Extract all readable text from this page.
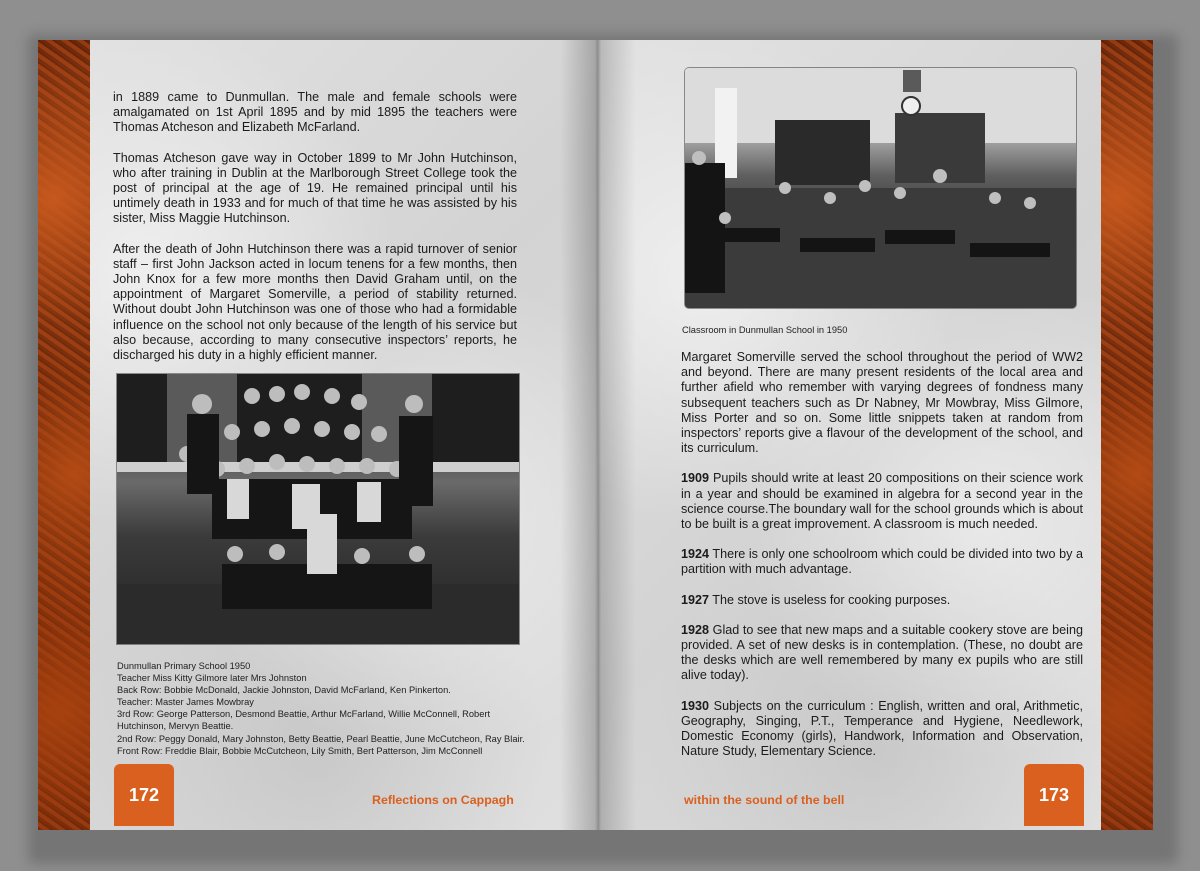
in 1889 came to Dunmullan. The male and female schools were amalgamated on 1st April 1895 and by mid 1895 the teachers were Thomas Atcheson and Elizabeth McFarland.

Thomas Atcheson gave way in October 1899 to Mr John Hutchinson, who after training in Dublin at the Marlborough Street College took the post of principal at the age of 19. He remained principal until his untimely death in 1933 and for much of that time he was assisted by his sister, Miss Maggie Hutchinson.

After the death of John Hutchinson there was a rapid turnover of senior staff – first John Jackson acted in locum tenens for a few months, then John Knox for a few more months then David Graham until, on the appointment of Margaret Somerville, a period of stability returned. Without doubt John Hutchinson was one of those who had a formidable influence on the school not only because of the length of his service but also because, according to many consecutive inspectors’ reports, he discharged his duty in a highly efficient manner.

Dunmullan Primary School 1950
Teacher Miss Kitty Gilmore later Mrs Johnston
Back Row: Bobbie McDonald, Jackie Johnston, David McFarland, Ken Pinkerton.
Teacher: Master James Mowbray
3rd Row: George Patterson, Desmond Beattie, Arthur McFarland, Willie McConnell, Robert Hutchinson, Mervyn Beattie.
2nd Row: Peggy Donald, Mary Johnston, Betty Beattie, Pearl Beattie, June McCutcheon, Ray Blair.
Front Row: Freddie Blair, Bobbie McCutcheon, Lily Smith, Bert Patterson, Jim McConnell
172	Reflections on Cappagh
Classroom in Dunmullan School in 1950

Margaret Somerville served the school throughout the period of WW2 and beyond. There are many present residents of the local area and further afield who remember with varying degrees of fondness many subsequent teachers such as Dr Nabney, Mr Mowbray, Miss Gilmore, Miss Porter and so on. Some little snippets taken at random from inspectors’ reports give a flavour of the development of the school, and its curriculum.

1909 Pupils should write at least 20 compositions on their science work in a year and should be examined in algebra for a second year in the science course.The boundary wall for the school grounds which is about to be built is a great improvement. A classroom is much needed.

1924 There is only one schoolroom which could be divided into two by a partition with much advantage.

1927 The stove is useless for cooking purposes.

1928 Glad to see that new maps and a suitable cookery stove are being provided. A set of new desks is in contemplation. (These, no doubt are the desks which are well remembered by many ex pupils who are still alive today).

1930 Subjects on the curriculum : English, written and oral, Arithmetic, Geography, Singing, P.T., Temperance and Hygiene, Needlework, Domestic Economy (girls), Handwork, Information and Observation, Nature Study, Elementary Science.

within the sound of the bell	173
